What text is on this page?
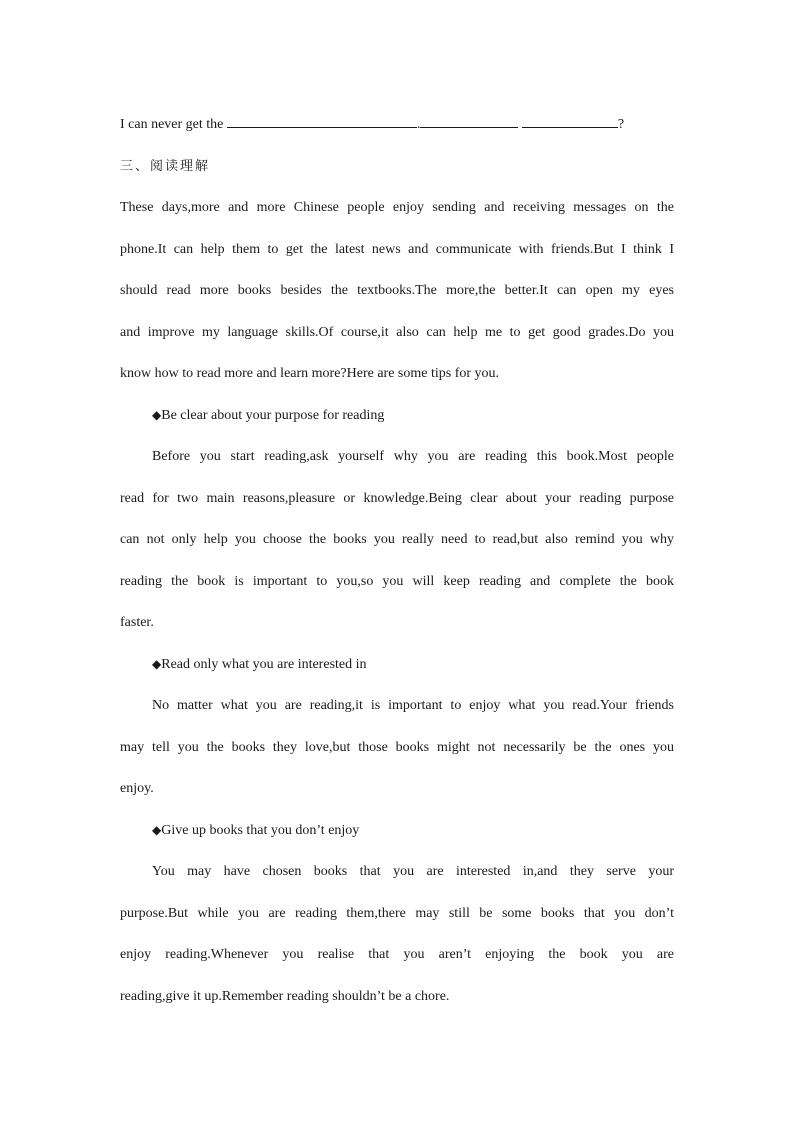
I can never get the	.	?
三、阅读理解
These days,more and more Chinese people enjoy sending and receiving messages on the
phone.It can help them to get the latest news and communicate with friends.But I think I
should read more books besides the textbooks.The more,the better.It can open my eyes
and improve my language skills.Of course,it also can help me to get good grades.Do you
know how to read more and learn more?Here are some tips for you.
◆Be clear about your purpose for reading
Before you start reading,ask yourself why you are reading this book.Most people
read for two main reasons,pleasure or knowledge.Being clear about your reading purpose
can not only help you choose the books you really need to read,but also remind you why
reading the book is important to you,so you will keep reading and complete the book
faster.
◆Read only what you are interested in
No matter what you are reading,it is important to enjoy what you read.Your friends
may tell you the books they love,but those books might not necessarily be the ones you
enjoy.
◆Give up books that you don’t enjoy
You may have chosen books that you are interested in,and they serve your
purpose.But while you are reading them,there may still be some books that you don’t
enjoy reading.Whenever you realise that you aren’t enjoying the book you are
reading,give it up.Remember reading shouldn’t be a chore.
